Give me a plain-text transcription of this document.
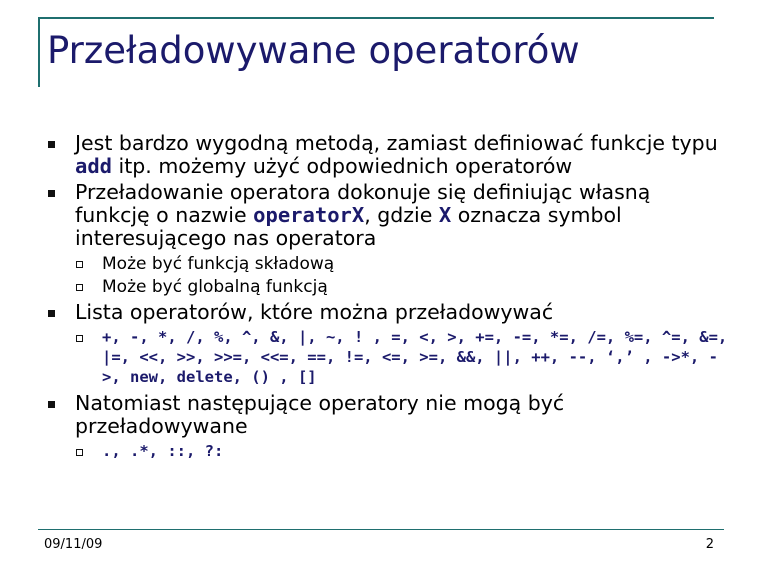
Przeładowywane operatorów
Jest bardzo wygodną metodą, zamiast definiować funkcje typu add itp. możemy użyć odpowiednich operatorów
Przeładowanie operatora dokonuje się definiując własną funkcję o nazwie operatorX, gdzie X oznacza symbol interesującego nas operatora
Może być funkcją składową
Może być globalną funkcją
Lista operatorów, które można przeładowywać
+, -, *, /, %, ^, &, |, ~, ! , =, <, >, +=, -=, *=, /=, %=, ^=, &=, |=, <<, >>, >>=, <<=, ==, !=, <=, >=, &&, ||, ++, --, ‘,’ , ->*, ->, new, delete, () , []
Natomiast następujące operatory nie mogą być przeładowywane
., .*, ::, ?:
09/11/09	2
